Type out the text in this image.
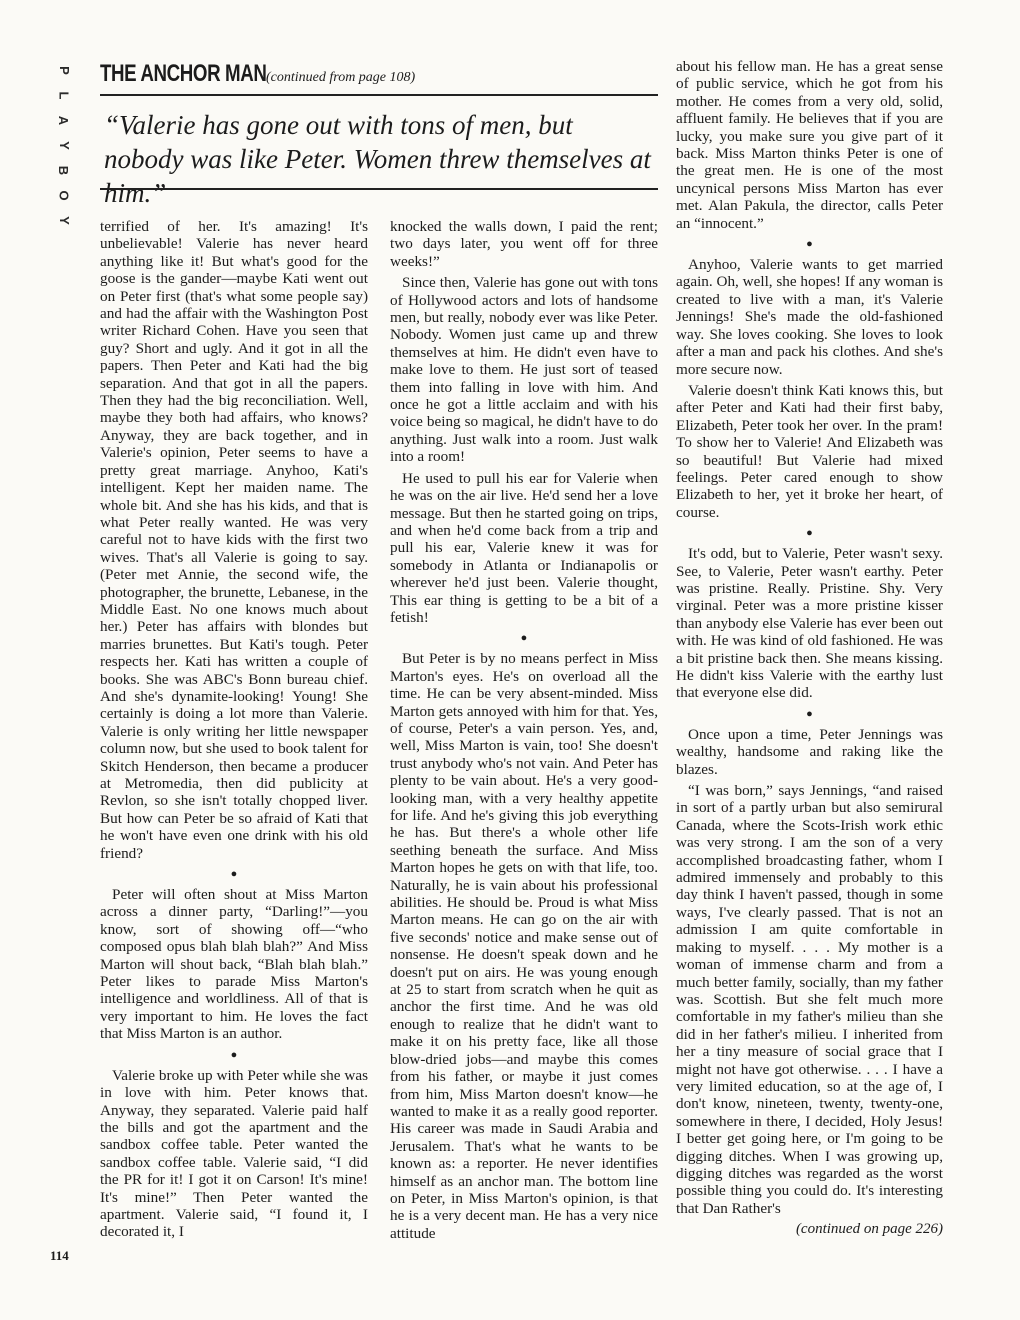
P
L
A
Y
B
O
Y
114
THE ANCHOR MAN (continued from page 108)
“Valerie has gone out with tons of men, but nobody was like Peter. Women threw themselves at him.”

terrified of her. It's amazing! It's unbelievable! Valerie has never heard anything like it! But what's good for the goose is the gander—maybe Kati went out on Peter first (that's what some people say) and had the affair with the Washington Post writer Richard Cohen. Have you seen that guy? Short and ugly. And it got in all the papers. Then Peter and Kati had the big separation. And that got in all the papers. Then they had the big reconciliation. Well, maybe they both had affairs, who knows? Anyway, they are back together, and in Valerie's opinion, Peter seems to have a pretty great marriage. Anyhoo, Kati's intelligent. Kept her maiden name. The whole bit. And she has his kids, and that is what Peter really wanted. He was very careful not to have kids with the first two wives. That's all Valerie is going to say. (Peter met Annie, the second wife, the photographer, the brunette, Lebanese, in the Middle East. No one knows much about her.) Peter has affairs with blondes but marries brunettes. But Kati's tough. Peter respects her. Kati has written a couple of books. She was ABC's Bonn bureau chief. And she's dynamite-looking! Young! She certainly is doing a lot more than Valerie. Valerie is only writing her little newspaper column now, but she used to book talent for Skitch Henderson, then became a producer at Metromedia, then did publicity at Revlon, so she isn't totally chopped liver. But how can Peter be so afraid of Kati that he won't have even one drink with his old friend?

●

Peter will often shout at Miss Marton across a dinner party, “Darling!”—you know, sort of showing off—“who composed opus blah blah blah?” And Miss Marton will shout back, “Blah blah blah.” Peter likes to parade Miss Marton's intelligence and worldliness. All of that is very important to him. He loves the fact that Miss Marton is an author.

●

Valerie broke up with Peter while she was in love with him. Peter knows that. Anyway, they separated. Valerie paid half the bills and got the apartment and the sandbox coffee table. Peter wanted the sandbox coffee table. Valerie said, “I did the PR for it! I got it on Carson! It's mine! It's mine!” Then Peter wanted the apartment. Valerie said, “I found it, I decorated it, I

knocked the walls down, I paid the rent; two days later, you went off for three weeks!”

Since then, Valerie has gone out with tons of Hollywood actors and lots of handsome men, but really, nobody ever was like Peter. Nobody. Women just came up and threw themselves at him. He didn't even have to make love to them. He just sort of teased them into falling in love with him. And once he got a little acclaim and with his voice being so magical, he didn't have to do anything. Just walk into a room. Just walk into a room!

He used to pull his ear for Valerie when he was on the air live. He'd send her a love message. But then he started going on trips, and when he'd come back from a trip and pull his ear, Valerie knew it was for somebody in Atlanta or Indianapolis or wherever he'd just been. Valerie thought, This ear thing is getting to be a bit of a fetish!

●

But Peter is by no means perfect in Miss Marton's eyes. He's on overload all the time. He can be very absent-minded. Miss Marton gets annoyed with him for that. Yes, of course, Peter's a vain person. Yes, and, well, Miss Marton is vain, too! She doesn't trust anybody who's not vain. And Peter has plenty to be vain about. He's a very good-looking man, with a very healthy appetite for life. And he's giving this job everything he has. But there's a whole other life seething beneath the surface. And Miss Marton hopes he gets on with that life, too. Naturally, he is vain about his professional abilities. He should be. Proud is what Miss Marton means. He can go on the air with five seconds' notice and make sense out of nonsense. He doesn't speak down and he doesn't put on airs. He was young enough at 25 to start from scratch when he quit as anchor the first time. And he was old enough to realize that he didn't want to make it on his pretty face, like all those blow-dried jobs—and maybe this comes from his father, or maybe it just comes from him, Miss Marton doesn't know—he wanted to make it as a really good reporter. His career was made in Saudi Arabia and Jerusalem. That's what he wants to be known as: a reporter. He never identifies himself as an anchor man. The bottom line on Peter, in Miss Marton's opinion, is that he is a very decent man. He has a very nice attitude

about his fellow man. He has a great sense of public service, which he got from his mother. He comes from a very old, solid, affluent family. He believes that if you are lucky, you make sure you give part of it back. Miss Marton thinks Peter is one of the great men. He is one of the most uncynical persons Miss Marton has ever met. Alan Pakula, the director, calls Peter an “innocent.”

●

Anyhoo, Valerie wants to get married again. Oh, well, she hopes! If any woman is created to live with a man, it's Valerie Jennings! She's made the old-fashioned way. She loves cooking. She loves to look after a man and pack his clothes. And she's more secure now.

Valerie doesn't think Kati knows this, but after Peter and Kati had their first baby, Elizabeth, Peter took her over. In the pram! To show her to Valerie! And Elizabeth was so beautiful! But Valerie had mixed feelings. Peter cared enough to show Elizabeth to her, yet it broke her heart, of course.

●

It's odd, but to Valerie, Peter wasn't sexy. See, to Valerie, Peter wasn't earthy. Peter was pristine. Really. Pristine. Shy. Very virginal. Peter was a more pristine kisser than anybody else Valerie has ever been out with. He was kind of old fashioned. He was a bit pristine back then. She means kissing. He didn't kiss Valerie with the earthy lust that everyone else did.

●

Once upon a time, Peter Jennings was wealthy, handsome and raking like the blazes.

“I was born,” says Jennings, “and raised in sort of a partly urban but also semirural Canada, where the Scots-Irish work ethic was very strong. I am the son of a very accomplished broadcasting father, whom I admired immensely and probably to this day think I haven't passed, though in some ways, I've clearly passed. That is not an admission I am quite comfortable in making to myself. . . . My mother is a woman of immense charm and from a much better family, socially, than my father was. Scottish. But she felt much more comfortable in my father's milieu than she did in her father's milieu. I inherited from her a tiny measure of social grace that I might not have got otherwise. . . . I have a very limited education, so at the age of, I don't know, nineteen, twenty, twenty-one, somewhere in there, I decided, Holy Jesus! I better get going here, or I'm going to be digging ditches. When I was growing up, digging ditches was regarded as the worst possible thing you could do. It's interesting that Dan Rather's

(continued on page 226)
